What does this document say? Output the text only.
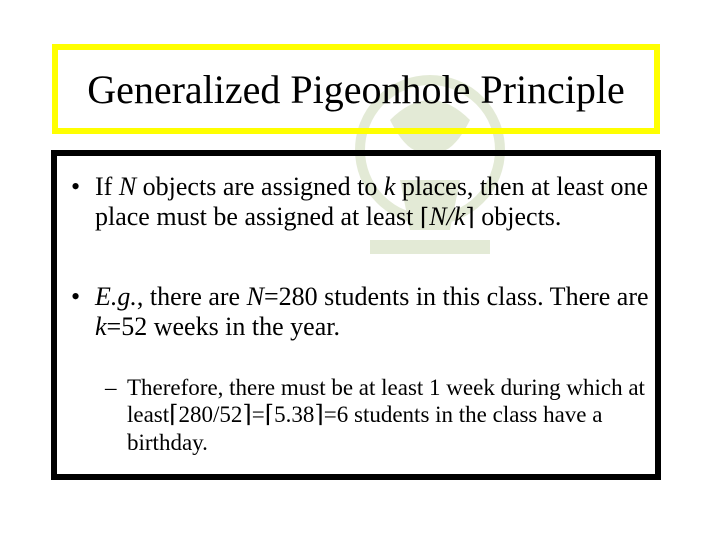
Generalized Pigeonhole Principle
• If N objects are assigned to k places, then at least one place must be assigned at least ⌈N/k⌉ objects.
• E.g., there are N=280 students in this class. There are k=52 weeks in the year.
– Therefore, there must be at least 1 week during which at least⌈280/52⌉=⌈5.38⌉=6 students in the class have a birthday.
